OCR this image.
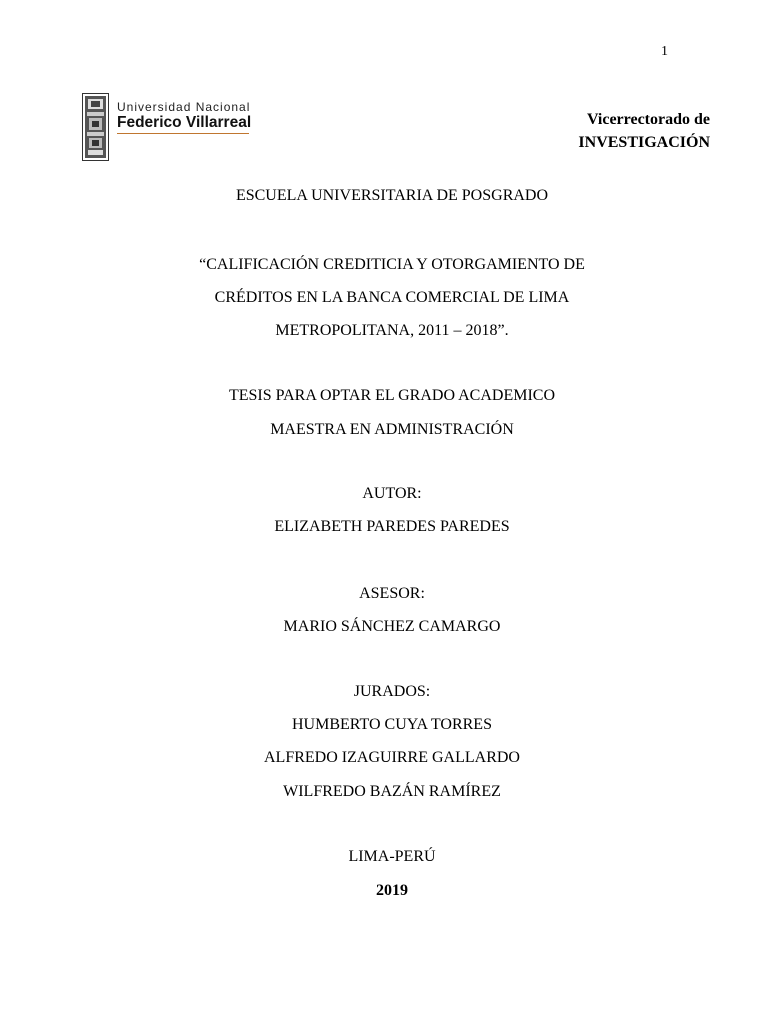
1
Universidad Nacional
Federico Villarreal	Vicerrectorado de
INVESTIGACIÓN
ESCUELA UNIVERSITARIA DE POSGRADO
“CALIFICACIÓN CREDITICIA Y OTORGAMIENTO DE
CRÉDITOS EN LA BANCA COMERCIAL DE LIMA
METROPOLITANA, 2011 – 2018”.
TESIS PARA OPTAR EL GRADO ACADEMICO
MAESTRA EN ADMINISTRACIÓN
AUTOR:
ELIZABETH PAREDES PAREDES
ASESOR:
MARIO SÁNCHEZ CAMARGO
JURADOS:
HUMBERTO CUYA TORRES
ALFREDO IZAGUIRRE GALLARDO
WILFREDO BAZÁN RAMÍREZ
LIMA-PERÚ
2019
